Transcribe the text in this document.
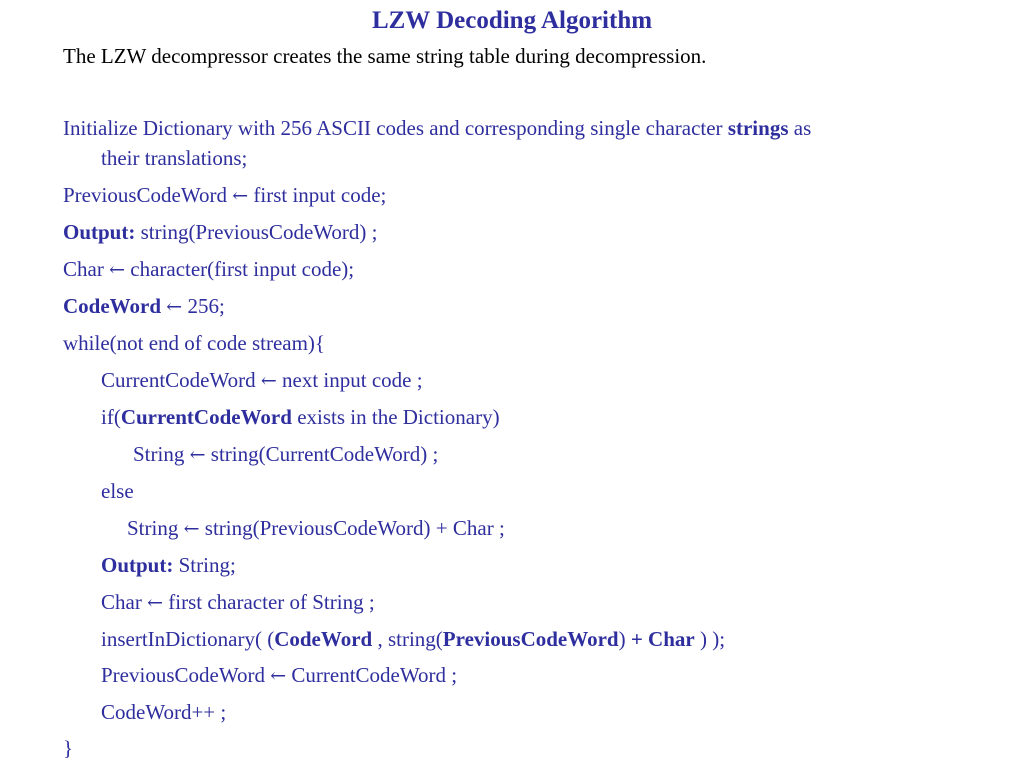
LZW Decoding Algorithm
The LZW decompressor creates the same string table during decompression.
Initialize Dictionary with 256 ASCII codes and corresponding single character strings as
their translations;
PreviousCodeWord ← first input code;
Output: string(PreviousCodeWord) ;
Char ← character(first input code);
CodeWord ← 256;
while(not end of code stream){
CurrentCodeWord ← next input code ;
if(CurrentCodeWord exists in the Dictionary)
String ← string(CurrentCodeWord) ;
else
String ← string(PreviousCodeWord) + Char ;
Output: String;
Char ← first character of String ;
insertInDictionary( (CodeWord , string(PreviousCodeWord) + Char ) );
PreviousCodeWord ← CurrentCodeWord ;
CodeWord++ ;
}
